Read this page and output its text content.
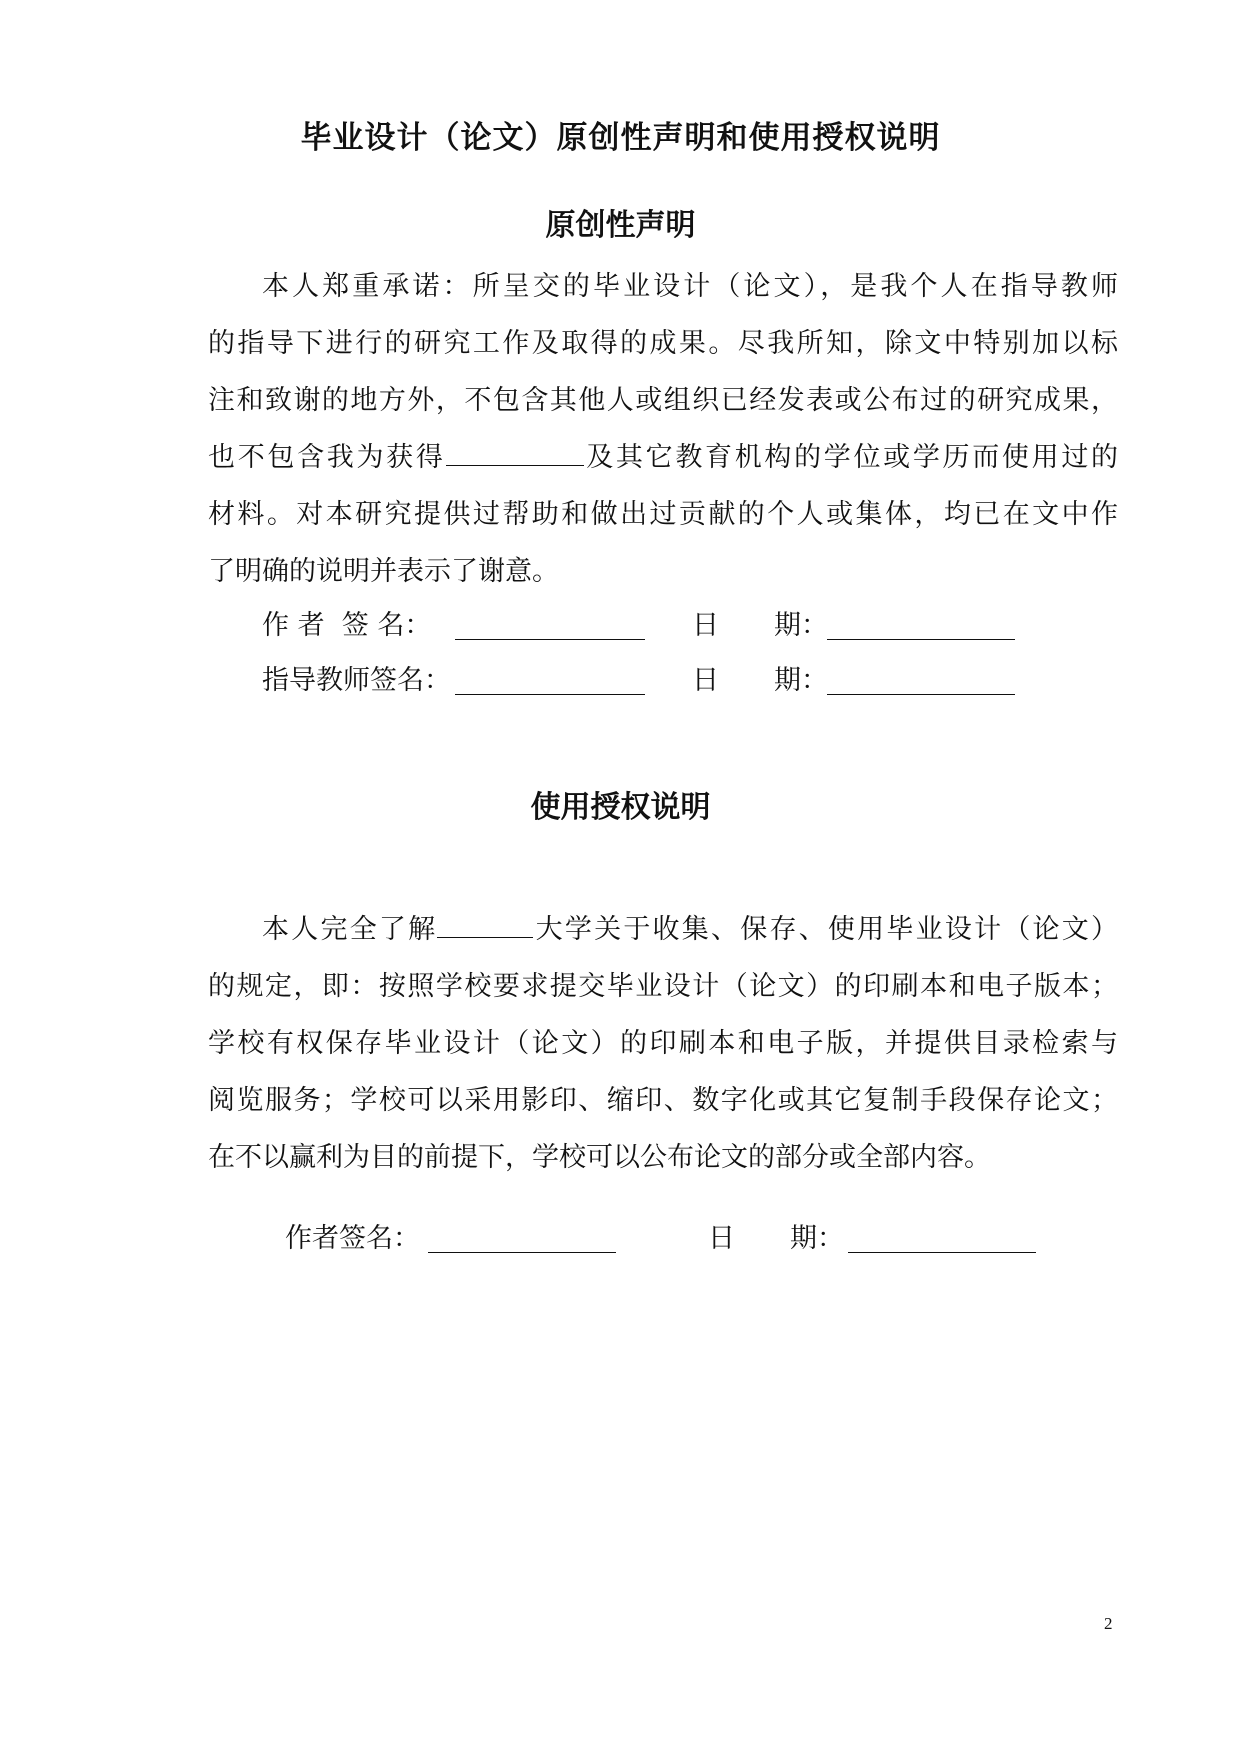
毕业设计（论文）原创性声明和使用授权说明
原创性声明
本人郑重承诺：所呈交的毕业设计（论文），是我个人在指导教师
的指导下进行的研究工作及取得的成果。尽我所知，除文中特别加以标
注和致谢的地方外，不包含其他人或组织已经发表或公布过的研究成果，
也不包含我为获得	及其它教育机构的学位或学历而使用过的
材料。对本研究提供过帮助和做出过贡献的个人或集体，均已在文中作
了明确的说明并表示了谢意。
作 者  签 名：	日 期：
指导教师签名：	日 期：
使用授权说明
本人完全了解	大学关于收集、保存、使用毕业设计（论文）
的规定，即：按照学校要求提交毕业设计（论文）的印刷本和电子版本；
学校有权保存毕业设计（论文）的印刷本和电子版，并提供目录检索与
阅览服务；学校可以采用影印、缩印、数字化或其它复制手段保存论文；
在不以赢利为目的前提下，学校可以公布论文的部分或全部内容。
作者签名：	日 期：
2
